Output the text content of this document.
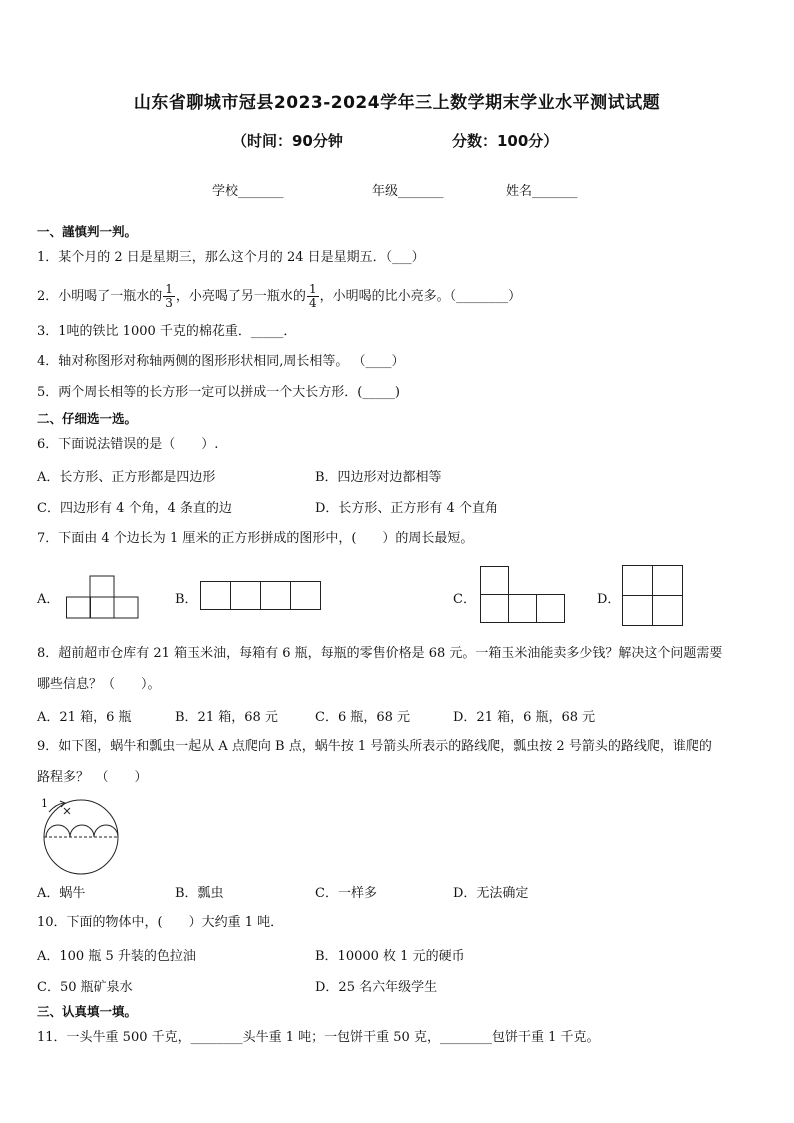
山东省聊城市冠县2023-2024学年三上数学期末学业水平测试试题
（时间：90分钟	分数：100分）
学校_______	年级_______	姓名_______
一、謹慎判一判。
1．某个月的 2 日是星期三，那么这个月的 24 日是星期五．（___）
2．小明喝了一瓶水的 $\frac{1}{3}$ ，小亮喝了另一瓶水的 $\frac{1}{4}$ ，小明喝的比小亮多。（________）
3．1吨的铁比 1000 千克的棉花重．_____．
4．轴对称图形对称轴两侧的图形形状相同,周长相等。 （____）
5．两个周长相等的长方形一定可以拼成一个大长方形．(_____)
二、仔细选一选。
6．下面说法错误的是（　　）.
A．长方形、正方形都是四边形	B．四边形对边都相等
C．四边形有 4 个角，4 条直的边	D．长方形、正方形有 4 个直角
7．下面由 4 个边长为 1 厘米的正方形拼成的图形中，(　　）的周长最短。
A．	B．	C．	D．
8．超前超市仓库有 21 箱玉米油，每箱有 6 瓶，每瓶的零售价格是 68 元。一箱玉米油能卖多少钱？解决这个问题需要
哪些信息？（　　）。
A．21 箱，6 瓶	B．21 箱，68 元	C．6 瓶，68 元	D．21 箱，6 瓶，68 元
9．如下图，蜗牛和瓢虫一起从 A 点爬向 B 点，蜗牛按 1 号箭头所表示的路线爬，瓢虫按 2 号箭头的路线爬，谁爬的
路程多？　（　　）
1
A．蜗牛	B．瓢虫	C．一样多	D．无法确定
10．下面的物体中，(　　）大约重 1 吨．
A．100 瓶 5 升装的色拉油	B．10000 枚 1 元的硬币
C．50 瓶矿泉水	D．25 名六年级学生
三、认真填一填。
11．一头牛重 500 千克，________头牛重 1 吨；一包饼干重 50 克，________包饼干重 1 千克。
